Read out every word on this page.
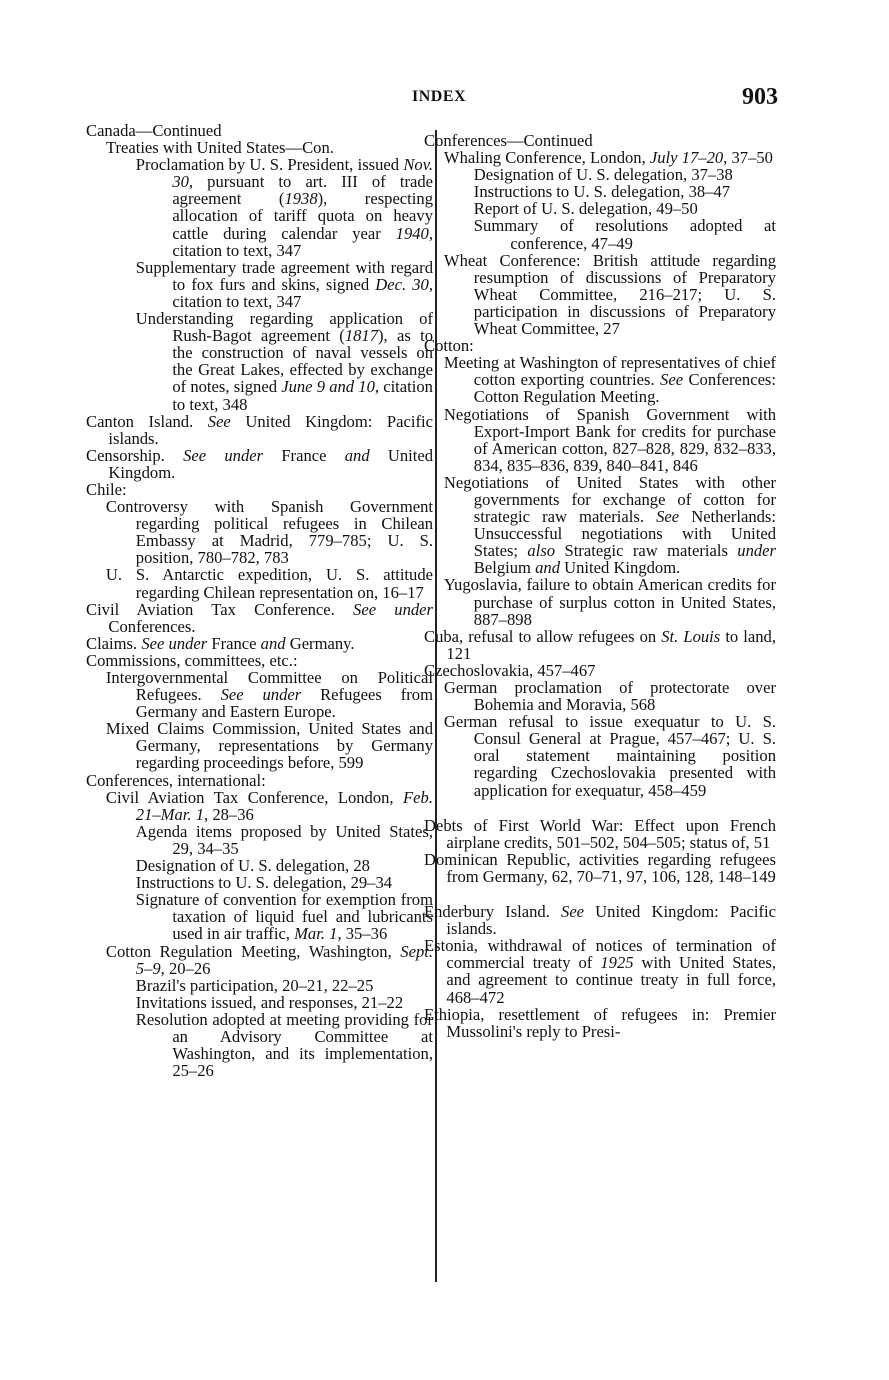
INDEX	903
Canada—Continued
Treaties with United States—Con.
Proclamation by U. S. President, issued Nov. 30, pursuant to art. III of trade agreement (1938), respecting allocation of tariff quota on heavy cattle during calendar year 1940, citation to text, 347
Supplementary trade agreement with regard to fox furs and skins, signed Dec. 30, citation to text, 347
Understanding regarding application of Rush-Bagot agreement (1817), as to the construction of naval vessels on the Great Lakes, effected by exchange of notes, signed June 9 and 10, citation to text, 348
Canton Island. See United Kingdom: Pacific islands.
Censorship. See under France and United Kingdom.
Chile:
Controversy with Spanish Government regarding political refugees in Chilean Embassy at Madrid, 779–785; U. S. position, 780–782, 783
U. S. Antarctic expedition, U. S. attitude regarding Chilean representation on, 16–17
Civil Aviation Tax Conference. See under Conferences.
Claims. See under France and Germany.
Commissions, committees, etc.:
Intergovernmental Committee on Political Refugees. See under Refugees from Germany and Eastern Europe.
Mixed Claims Commission, United States and Germany, representations by Germany regarding proceedings before, 599
Conferences, international:
Civil Aviation Tax Conference, London, Feb. 21–Mar. 1, 28–36
Agenda items proposed by United States, 29, 34–35
Designation of U. S. delegation, 28
Instructions to U. S. delegation, 29–34
Signature of convention for exemption from taxation of liquid fuel and lubricants used in air traffic, Mar. 1, 35–36
Cotton Regulation Meeting, Washington, Sept. 5–9, 20–26
Brazil's participation, 20–21, 22–25
Invitations issued, and responses, 21–22
Resolution adopted at meeting providing for an Advisory Committee at Washington, and its implementation, 25–26
Conferences—Continued
Whaling Conference, London, July 17–20, 37–50
Designation of U. S. delegation, 37–38
Instructions to U. S. delegation, 38–47
Report of U. S. delegation, 49–50
Summary of resolutions adopted at conference, 47–49
Wheat Conference: British attitude regarding resumption of discussions of Preparatory Wheat Committee, 216–217; U. S. participation in discussions of Preparatory Wheat Committee, 27
Cotton:
Meeting at Washington of representatives of chief cotton exporting countries. See Conferences: Cotton Regulation Meeting.
Negotiations of Spanish Government with Export-Import Bank for credits for purchase of American cotton, 827–828, 829, 832–833, 834, 835–836, 839, 840–841, 846
Negotiations of United States with other governments for exchange of cotton for strategic raw materials. See Netherlands: Unsuccessful negotiations with United States; also Strategic raw materials under Belgium and United Kingdom.
Yugoslavia, failure to obtain American credits for purchase of surplus cotton in United States, 887–898
Cuba, refusal to allow refugees on St. Louis to land, 121
Czechoslovakia, 457–467
German proclamation of protectorate over Bohemia and Moravia, 568
German refusal to issue exequatur to U. S. Consul General at Prague, 457–467; U. S. oral statement maintaining position regarding Czechoslovakia presented with application for exequatur, 458–459
Debts of First World War: Effect upon French airplane credits, 501–502, 504–505; status of, 51
Dominican Republic, activities regarding refugees from Germany, 62, 70–71, 97, 106, 128, 148–149
Enderbury Island. See United Kingdom: Pacific islands.
Estonia, withdrawal of notices of termination of commercial treaty of 1925 with United States, and agreement to continue treaty in full force, 468–472
Ethiopia, resettlement of refugees in: Premier Mussolini's reply to Presi-
